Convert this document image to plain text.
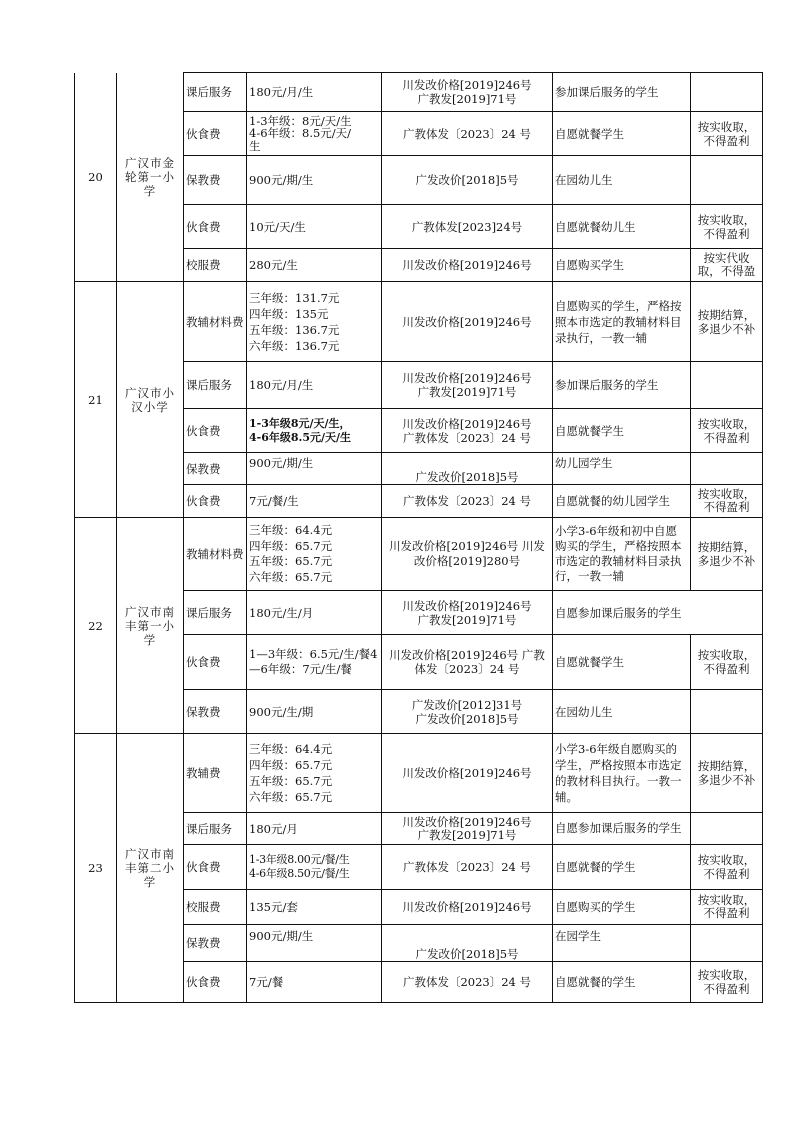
20	广汉市金轮第一小学	课后服务	180元/月/生	川发改价格[2019]246号
广教发[2019]71号	参加课后服务的学生	
		伙食费	1-3年级：8元/天/生
4-6年级：8.5元/天/
生	广教体发〔2023〕24 号	自愿就餐学生	按实收取，
不得盈利
		保教费	900元/期/生	广发改价[2018]5号	在园幼儿生	
		伙食费	10元/天/生	广教体发[2023]24号	自愿就餐幼儿生	按实收取，
不得盈利
		校服费	280元/生	川发改价格[2019]246号	自愿购买学生	按实代收
取，不得盈
21	广汉市小汉小学	教辅材料费	三年级：131.7元
四年级：135元
五年级：136.7元
六年级：136.7元	川发改价格[2019]246号	自愿购买的学生，严格按照本市选定的教辅材料目录执行，一教一辅	按期结算，
多退少不补
		课后服务	180元/月/生	川发改价格[2019]246号
广教发[2019]71号	参加课后服务的学生	
		伙食费	1-3年级8元/天/生，
4-6年级8.5元/天/生	川发改价格[2019]246号
广教体发〔2023〕24 号	自愿就餐学生	按实收取，
不得盈利
		保教费	900元/期/生	广发改价[2018]5号	幼儿园学生	
		伙食费	7元/餐/生	广教体发〔2023〕24 号	自愿就餐的幼儿园学生	按实收取，
不得盈利
22	广汉市南丰第一小学	教辅材料费	三年级：64.4元
四年级：65.7元
五年级：65.7元
六年级：65.7元	川发改价格[2019]246号 川发改价格[2019]280号	小学3-6年级和初中自愿购买的学生，严格按照本市选定的教辅材料目录执行，一教一辅	按期结算，
多退少不补
		课后服务	180元/生/月	川发改价格[2019]246号
广教发[2019]71号	自愿参加课后服务的学生	
		伙食费	1—3年级：6.5元/生/餐4—6年级：7元/生/餐	川发改价格[2019]246号 广教体发〔2023〕24 号	自愿就餐学生	按实收取，
不得盈利
		保教费	900元/生/期	广发改价[2012]31号
广发改价[2018]5号	在园幼儿生	
23	广汉市南丰第二小学	教辅费	三年级：64.4元
四年级：65.7元
五年级：65.7元
六年级：65.7元	川发改价格[2019]246号	小学3-6年级自愿购买的学生，严格按照本市选定的教材科目执行。一教一辅。	按期结算，
多退少不补
		课后服务	180元/月	川发改价格[2019]246号
广教发[2019]71号	自愿参加课后服务的学生	
		伙食费	1-3年级8.00元/餐/生
4-6年级8.50元/餐/生	广教体发〔2023〕24 号	自愿就餐的学生	按实收取，
不得盈利
		校服费	135元/套	川发改价格[2019]246号	自愿购买的学生	按实收取，
不得盈利
		保教费	900元/期/生	广发改价[2018]5号	在园学生	
		伙食费	7元/餐	广教体发〔2023〕24 号	自愿就餐的学生	按实收取，
不得盈利
